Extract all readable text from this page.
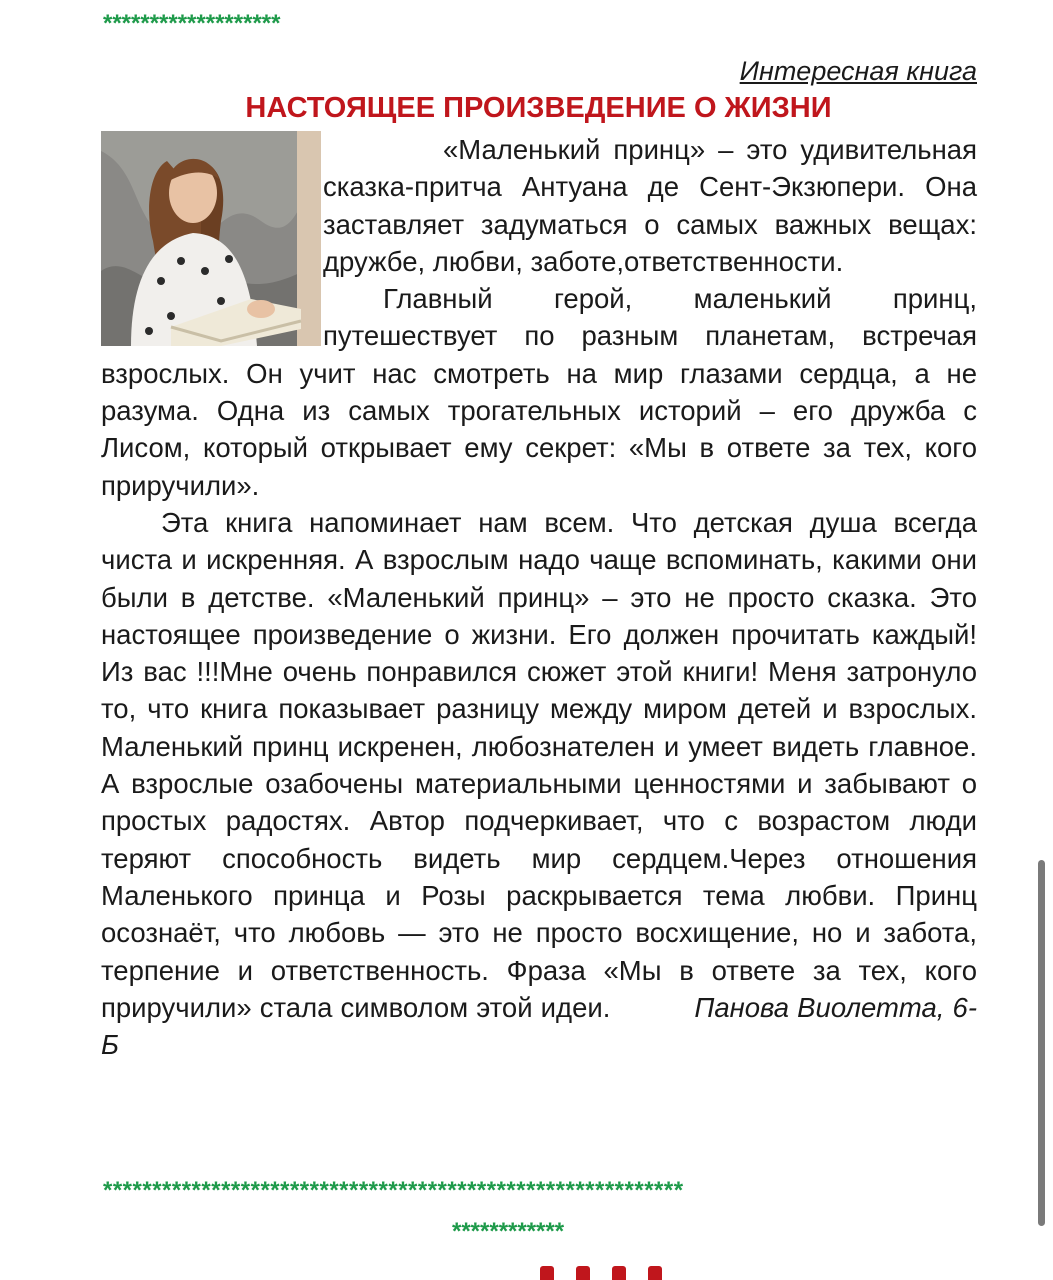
*******************
Интересная книга
НАСТОЯЩЕЕ ПРОИЗВЕДЕНИЕ О ЖИЗНИ

«Маленький принц» – это удивительная сказка-притча Антуана де Сент-Экзюпери. Она заставляет задуматься о самых важных вещах: дружбе, любви, заботе,ответственности.

Главный герой, маленький принц, путешествует по разным планетам, встречая взрослых. Он учит нас смотреть на мир глазами сердца, а не разума. Одна из самых трогательных историй – его дружба с Лисом, который открывает ему секрет: «Мы в ответе за тех, кого приручили».

Эта книга напоминает нам всем. Что детская душа всегда чиста и искренняя. А взрослым надо чаще вспоминать, какими они были в детстве. «Маленький принц» – это не просто сказка. Это настоящее произведение о жизни. Его должен прочитать каждый! Из вас !!!Мне очень понравился сюжет этой книги! Меня затронуло то, что книга показывает разницу между миром детей и взрослых. Маленький принц искренен, любознателен и умеет видеть главное. А взрослые озабочены материальными ценностями и забывают о простых радостях. Автор подчеркивает, что с возрастом люди теряют способность видеть мир сердцем.Через отношения Маленького принца и Розы раскрывается тема любви. Принц осознаёт, что любовь — это не просто восхищение, но и забота, терпение и ответственность. Фраза «Мы в ответе за тех, кого приручили» стала символом этой идеи.	Панова Виолетта, 6-Б

***********************************************************
************
